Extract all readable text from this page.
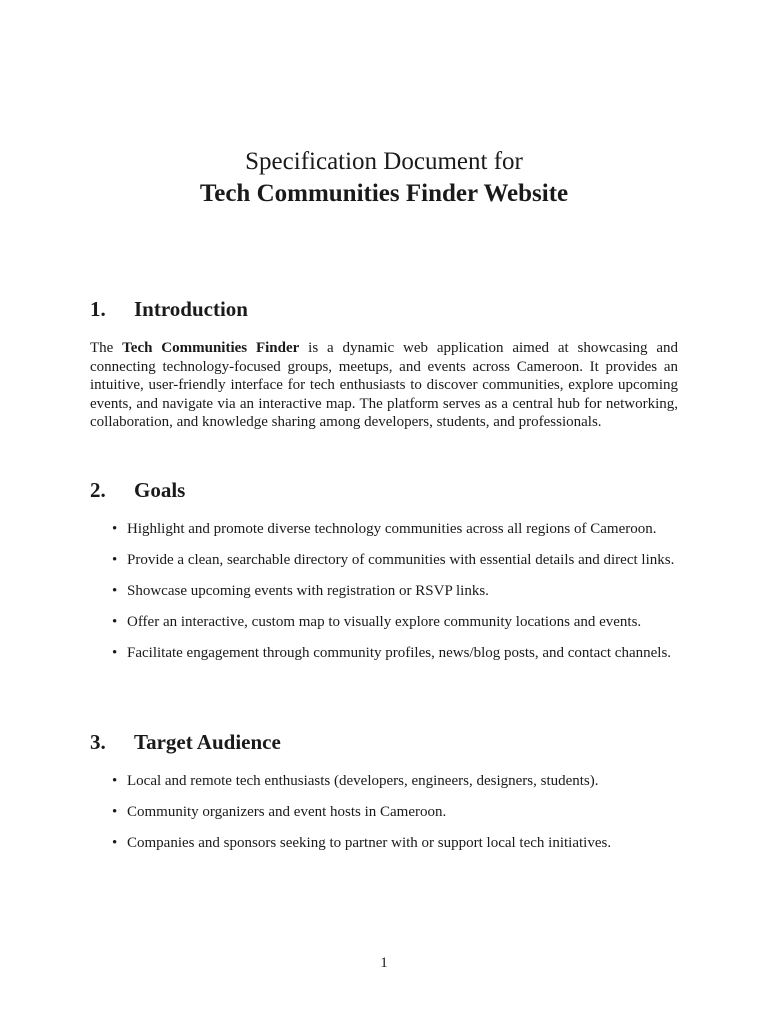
Specification Document for

Tech Communities Finder Website

1.	Introduction

The Tech Communities Finder is a dynamic web application aimed at showcasing and connecting technology-focused groups, meetups, and events across Cameroon. It provides an intuitive, user-friendly interface for tech enthusiasts to discover communities, explore upcoming events, and navigate via an interactive map. The platform serves as a central hub for networking, collaboration, and knowledge sharing among developers, students, and professionals.

2.	Goals
• Highlight and promote diverse technology communities across all regions of Cameroon.
• Provide a clean, searchable directory of communities with essential details and direct links.
• Showcase upcoming events with registration or RSVP links.
• Offer an interactive, custom map to visually explore community locations and events.
• Facilitate engagement through community profiles, news/blog posts, and contact channels.
3.	Target Audience
• Local and remote tech enthusiasts (developers, engineers, designers, students).
• Community organizers and event hosts in Cameroon.
• Companies and sponsors seeking to partner with or support local tech initiatives.
1
